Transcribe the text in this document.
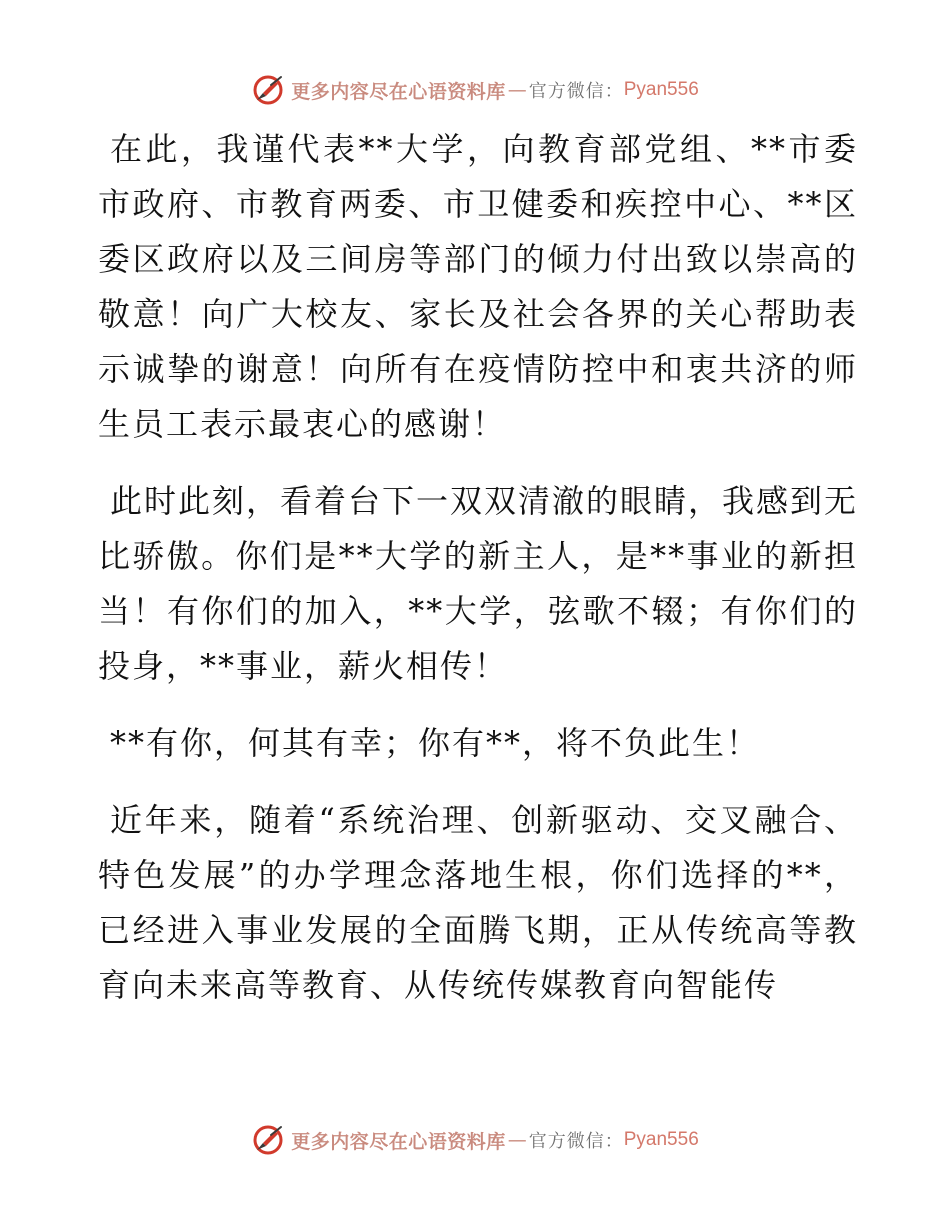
更多内容尽在心语资料库 — 官方微信： Pyan556

在此，我谨代表**大学，向教育部党组、**市委市政府、市教育两委、市卫健委和疾控中心、**区委区政府以及三间房等部门的倾力付出致以崇高的敬意！向广大校友、家长及社会各界的关心帮助表示诚挚的谢意！向所有在疫情防控中和衷共济的师生员工表示最衷心的感谢！

此时此刻，看着台下一双双清澈的眼睛，我感到无比骄傲。你们是**大学的新主人，是**事业的新担当！有你们的加入，**大学，弦歌不辍；有你们的投身，**事业，薪火相传！

**有你，何其有幸；你有**，将不负此生！

近年来，随着“系统治理、创新驱动、交叉融合、特色发展”的办学理念落地生根，你们选择的**，已经进入事业发展的全面腾飞期，正从传统高等教育向未来高等教育、从传统传媒教育向智能传

更多内容尽在心语资料库 — 官方微信： Pyan556
